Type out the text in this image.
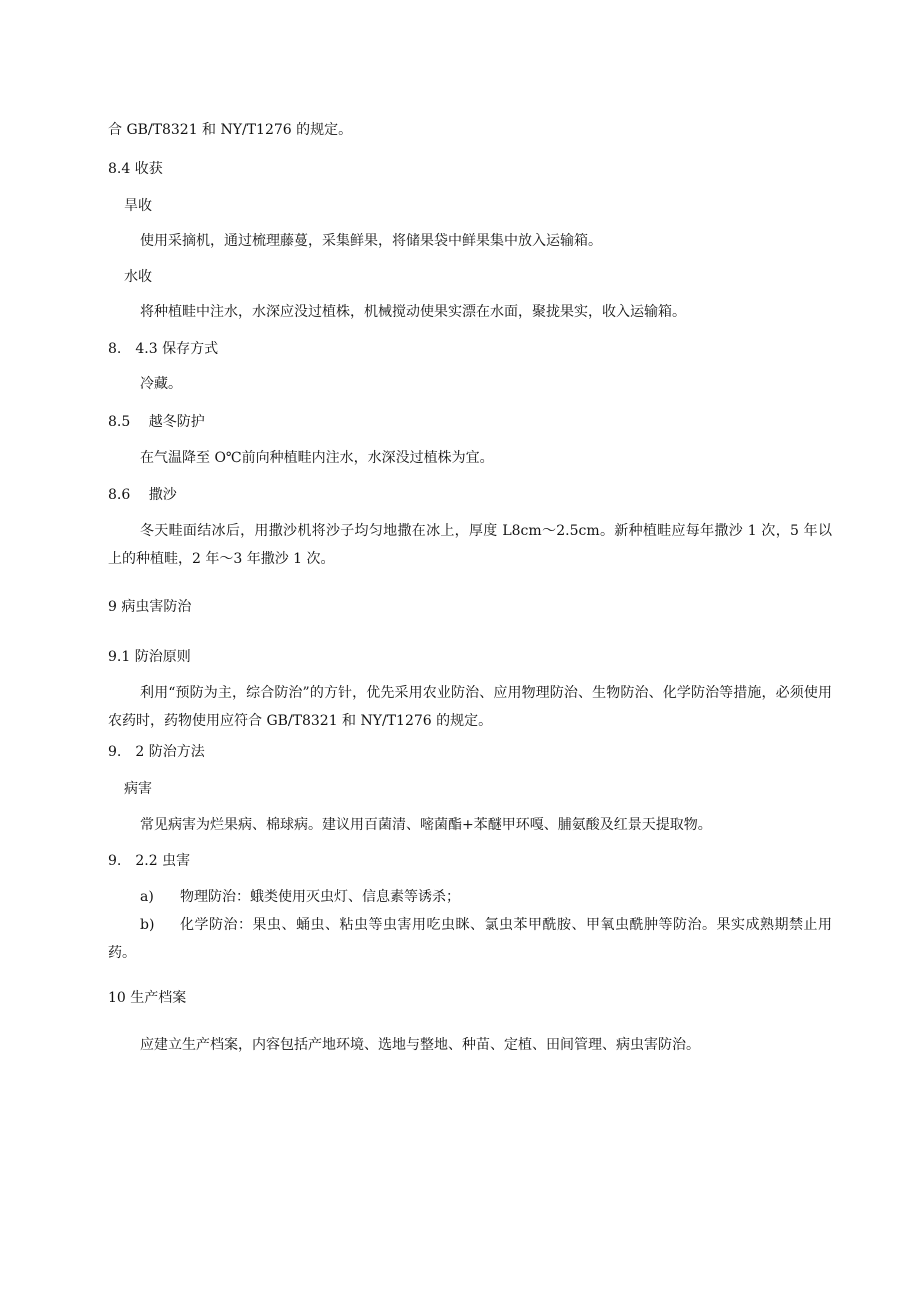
合 GB/T8321 和 NY/T1276 的规定。
8.4 收获
旱收
使用采摘机，通过梳理藤蔓，采集鲜果，将储果袋中鲜果集中放入运输箱。
水收
将种植畦中注水，水深应没过植株，机械搅动使果实漂在水面，聚拢果实，收入运输箱。
8.　4.3 保存方式
冷藏。
8.5　 越冬防护
在气温降至 O℃前向种植畦内注水，水深没过植株为宜。
8.6　 撒沙
冬天畦面结冰后，用撒沙机将沙子均匀地撒在冰上，厚度 L8cm～2.5cm。新种植畦应每年撒沙 1 次，5 年以上的种植畦，2 年～3 年撒沙 1 次。
9 病虫害防治
9.1 防治原则
利用“预防为主，综合防治”的方针，优先采用农业防治、应用物理防治、生物防治、化学防治等措施，必须使用农药时，药物使用应符合 GB/T8321 和 NY/T1276 的规定。
9.　2 防治方法
病害
常见病害为烂果病、棉球病。建议用百菌清、嘧菌酯+苯醚甲环嘎、脯氨酸及红景天提取物。
9.　2.2 虫害
a) 物理防治：蛾类使用灭虫灯、信息素等诱杀；
b) 化学防治：果虫、蛹虫、粘虫等虫害用吃虫眯、氯虫苯甲酰胺、甲氧虫酰肿等防治。果实成熟期禁止用药。
10 生产档案
应建立生产档案，内容包括产地环境、选地与整地、种苗、定植、田间管理、病虫害防治。
